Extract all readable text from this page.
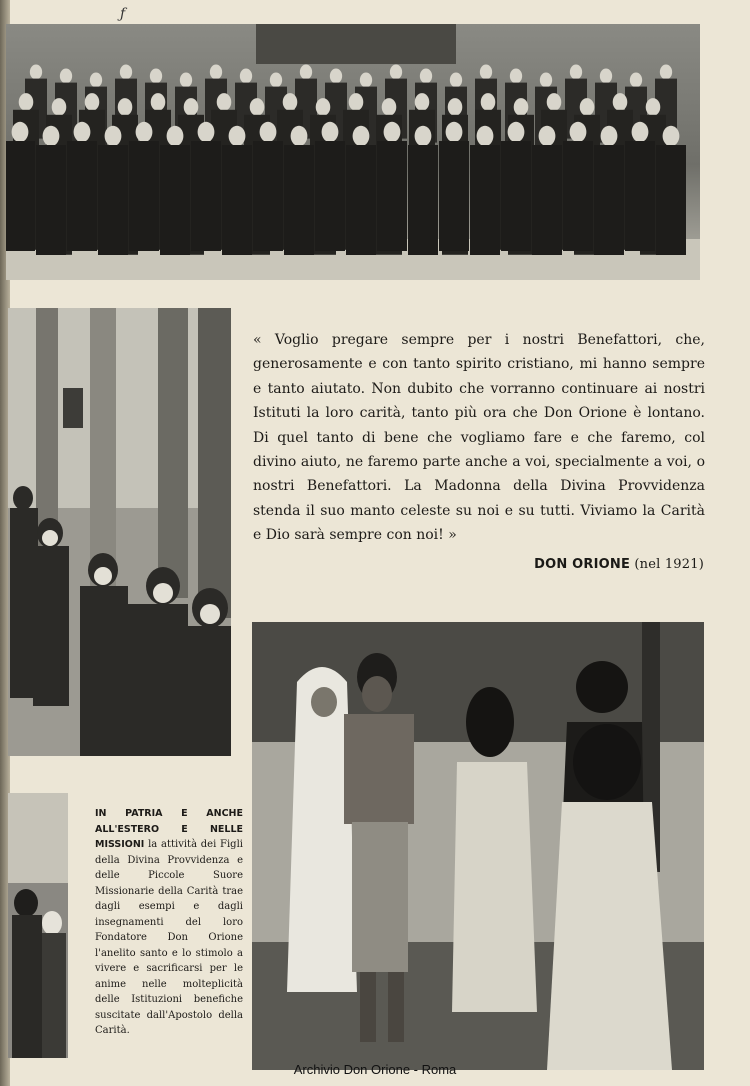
ƒ

« Voglio pregare sempre per i nostri Benefattori, che, generosamente e con tanto spirito cristiano, mi hanno sempre e tanto aiutato. Non dubito che vorranno continuare ai nostri Istituti la loro carità, tanto più ora che Don Orione è lontano. Di quel tanto di bene che vogliamo fare e che faremo, col divino aiuto, ne faremo parte anche a voi, specialmente a voi, o nostri Benefattori. La Madonna della Divina Provvidenza stenda il suo manto celeste su noi e su tutti. Viviamo la Carità e Dio sarà sempre con noi! »

DON ORIONE (nel 1921)
IN PATRIA E ANCHE ALL'ESTERO E NELLE MISSIONI la attività dei Figli della Divina Provvidenza e delle Piccole Suore Missionarie della Carità trae dagli esempi e dagli insegnamenti del loro Fondatore Don Orione l'anelito santo e lo stimolo a vivere e sacrificarsi per le anime nelle molteplicità delle Istituzioni benefiche suscitate dall'Apostolo della Carità.
Archivio Don Orione - Roma
